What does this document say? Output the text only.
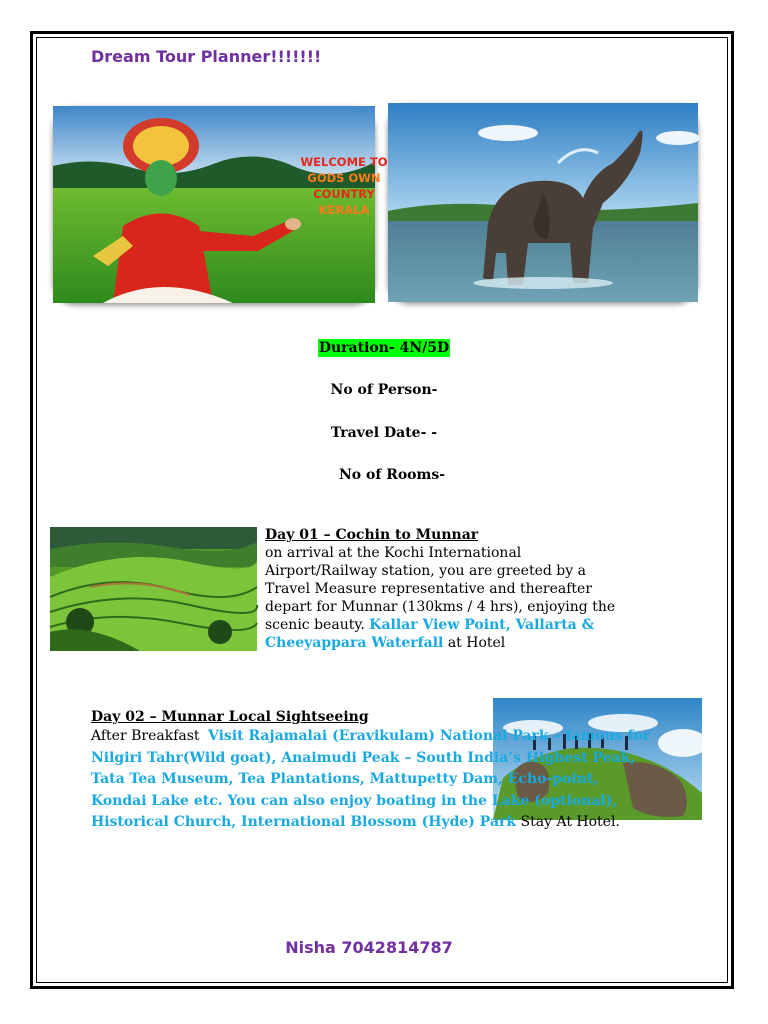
Dream Tour Planner!!!!!!!
WELCOME TO
GODS OWN
COUNTRY
KERALA
Duration- 4N/5D
No of Person-
Travel Date- -
No of Rooms-
Day 01 – Cochin to Munnar
on arrival at the Kochi International Airport/Railway station, you are greeted by a Travel Measure representative and thereafter depart for Munnar (130kms / 4 hrs), enjoying the scenic beauty. Kallar View Point, Vallarta & Cheeyappara Waterfall at Hotel
Day 02 – Munnar Local Sightseeing
After Breakfast Visit Rajamalai (Eravikulam) National Park – famous for Nilgiri Tahr(Wild goat), Anaimudi Peak – South India’s Highest Peak, Tata Tea Museum, Tea Plantations, Mattupetty Dam, Echo-point, Kondai Lake etc. You can also enjoy boating in the Lake (optional), Historical Church, International Blossom (Hyde) Park Stay At Hotel.
Nisha 7042814787
